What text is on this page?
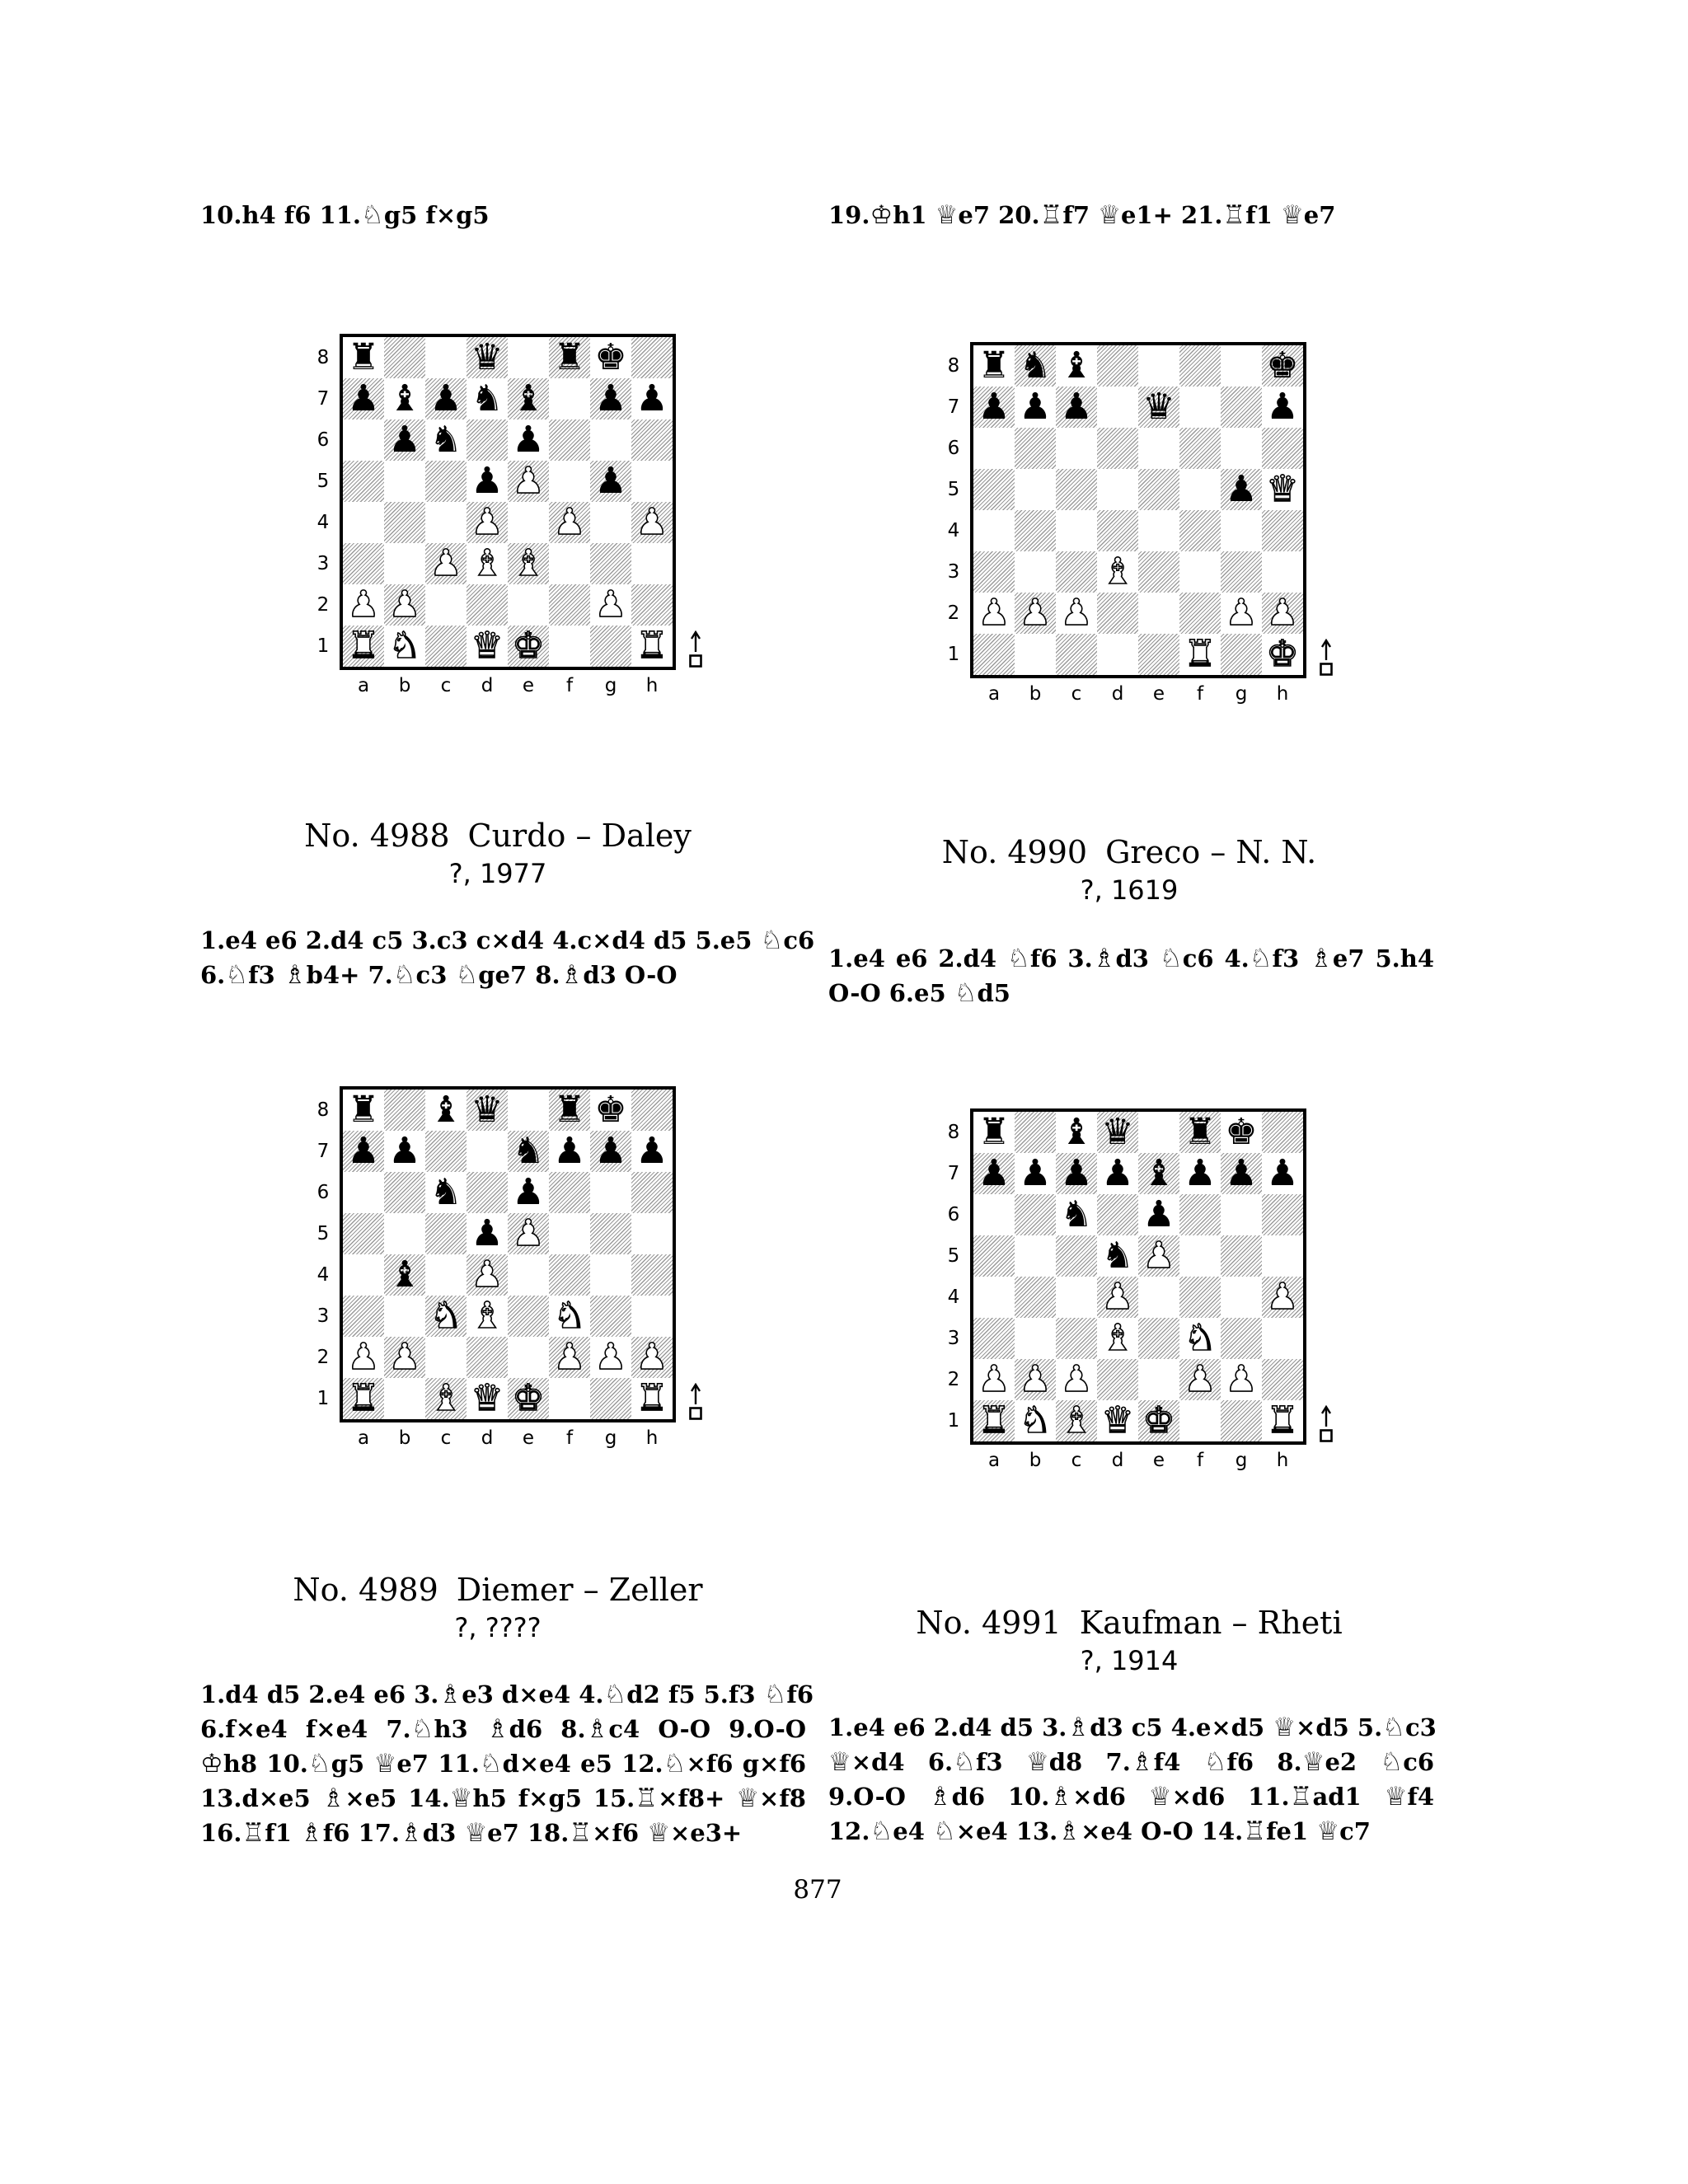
10.h4 f6 11.♘g5 f×g5	19.♔h1 ♕e7 20.♖f7 ♕e1+ 21.♖f1 ♕e7

♜	♛ ♜ ♚
♟ ♝ ♟ ♞ ♝ ♟ ♟
♟ ♞ ♟
♟ ♟ ♟
♟ ♟ ♟
♟ ♝ ♝
♟ ♟	♟
♜ ♞ ♛ ♚	♜
8
7
6
5
4
3
2
1
a	b	c	d	e	f	g	h
♜ ♞ ♝	♚
♟ ♟ ♟ ♛	♟
♟ ♛
♝
♟ ♟ ♟	♟ ♟
♜ ♚
8
7
6
5
4
3
2
1
a	b	c	d	e	f	g	h
♜ ♝ ♛ ♜ ♚
♟ ♟	♞ ♟ ♟ ♟
♞ ♟
♟ ♟
♝ ♟
♞ ♝ ♞
♟ ♟	♟ ♟ ♟
♜ ♝ ♛ ♚	♜
8
7
6
5
4
3
2
1
a	b	c	d	e	f	g	h
♜ ♝ ♛ ♜ ♚
♟ ♟ ♟ ♟ ♝ ♟ ♟ ♟
♞ ♟
♞ ♟
♟	♟
♝ ♞
♟ ♟ ♟	♟ ♟
♜ ♞ ♝ ♛ ♚	♜
8
7
6
5
4
3
2
1
a	b	c	d	e	f	g	h
No. 4988 Curdo – Daley
?, 1977
No. 4990 Greco – N. N.
?, 1619
No. 4989 Diemer – Zeller
?, ????	No. 4991 Kaufman – Rheti
?, 1914

1.e4 e6 2.d4 c5 3.c3 c×d4 4.c×d4 d5 5.e5 ♘c6

6.♘f3 ♗b4+ 7.♘c3 ♘ge7 8.♗d3 O-O

1.e4 e6 2.d4 ♘f6 3.♗d3 ♘c6 4.♘f3 ♗e7 5.h4

O-O 6.e5 ♘d5

1.d4 d5 2.e4 e6 3.♗e3 d×e4 4.♘d2 f5 5.f3 ♘f6

6.f×e4 f×e4 7.♘h3 ♗d6 8.♗c4 O-O 9.O-O

♔h8 10.♘g5 ♕e7 11.♘d×e4 e5 12.♘×f6 g×f6

13.d×e5 ♗×e5 14.♕h5 f×g5 15.♖×f8+ ♕×f8

16.♖f1 ♗f6 17.♗d3 ♕e7 18.♖×f6 ♕×e3+

1.e4 e6 2.d4 d5 3.♗d3 c5 4.e×d5 ♕×d5 5.♘c3

♕×d4 6.♘f3 ♕d8 7.♗f4 ♘f6 8.♕e2 ♘c6

9.O-O ♗d6 10.♗×d6 ♕×d6 11.♖ad1 ♕f4

12.♘e4 ♘×e4 13.♗×e4 O-O 14.♖fe1 ♕c7

877
